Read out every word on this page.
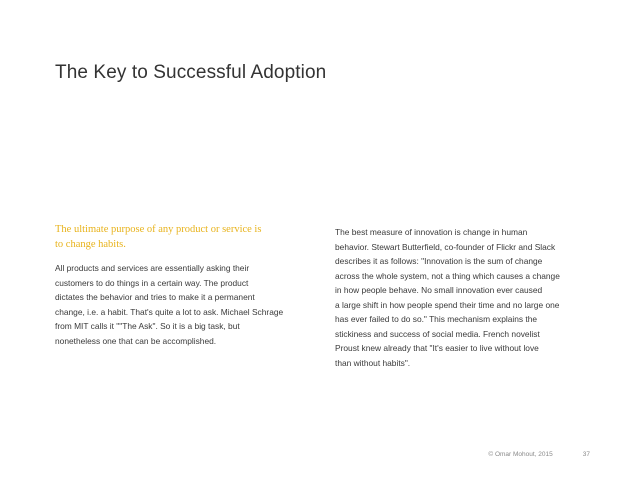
The Key to Successful Adoption

The ultimate purpose of any product or service is
to change habits.

All products and services are essentially asking their
customers to do things in a certain way. The product
dictates the behavior and tries to make it a permanent
change, i.e. a habit. That's quite a lot to ask. Michael Schrage
from MIT calls it ""The Ask". So it is a big task, but
nonetheless one that can be accomplished.

The best measure of innovation is change in human
behavior. Stewart Butterfield, co-founder of Flickr and Slack
describes it as follows: "Innovation is the sum of change
across the whole system, not a thing which causes a change
in how people behave. No small innovation ever caused
a large shift in how people spend their time and no large one
has ever failed to do so." This mechanism explains the
stickiness and success of social media. French novelist
Proust knew already that "It's easier to live without love
than without habits".

© Omar Mohout, 2015	37
